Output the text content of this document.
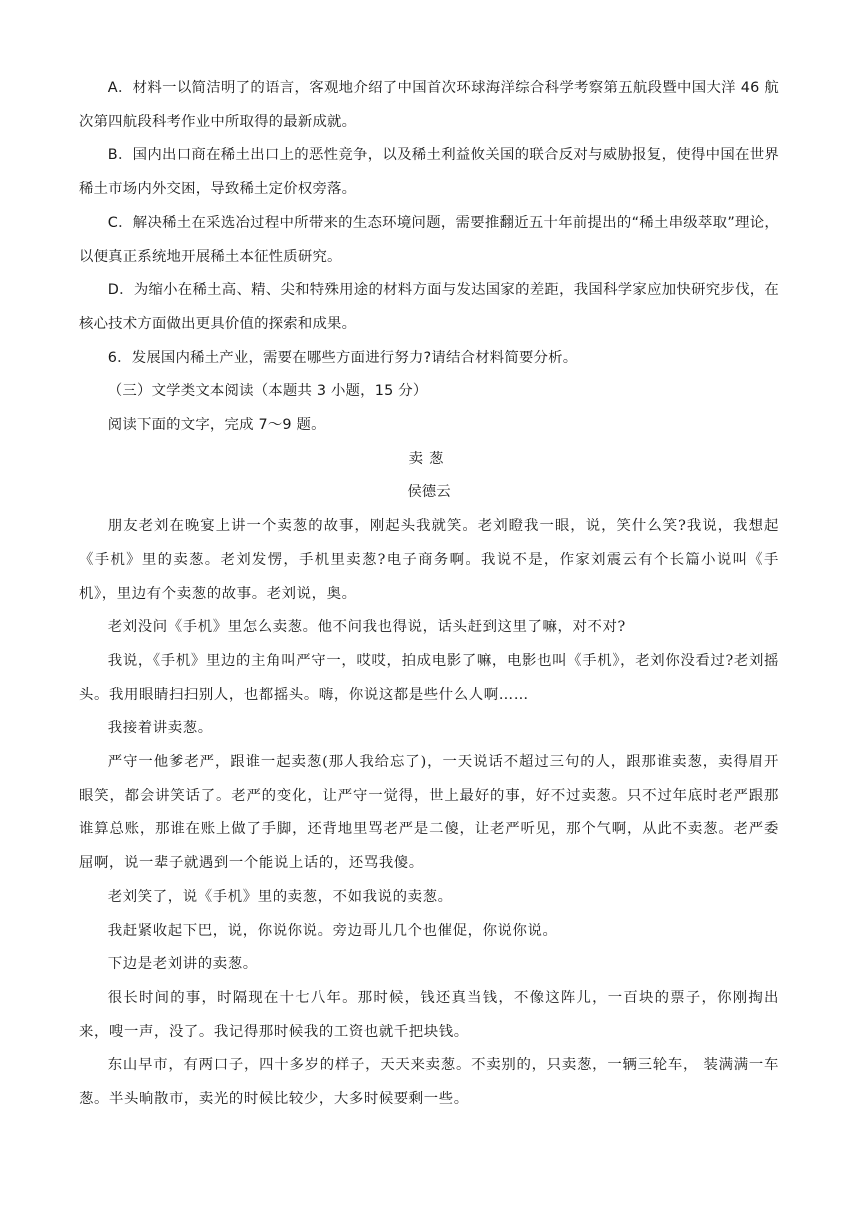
A．材料一以简洁明了的语言，客观地介绍了中国首次环球海洋综合科学考察第五航段暨中国大洋 46 航次第四航段科考作业中所取得的最新成就。

B．国内出口商在稀土出口上的恶性竞争，以及稀土利益攸关国的联合反对与威胁报复，使得中国在世界稀土市场内外交困，导致稀土定价权旁落。

C．解决稀土在采选冶过程中所带来的生态环境问题，需要推翻近五十年前提出的“稀土串级萃取”理论，以便真正系统地开展稀土本征性质研究。

D．为缩小在稀土高、精、尖和特殊用途的材料方面与发达国家的差距，我国科学家应加快研究步伐，在核心技术方面做出更具价值的探索和成果。

6．发展国内稀土产业，需要在哪些方面进行努力?请结合材料简要分析。

（三）文学类文本阅读（本题共 3 小题，15 分）

阅读下面的文字，完成 7～9 题。

卖葱

侯德云

朋友老刘在晚宴上讲一个卖葱的故事，刚起头我就笑。老刘瞪我一眼，说，笑什么笑?我说，我想起《手机》里的卖葱。老刘发愣，手机里卖葱?电子商务啊。我说不是，作家刘震云有个长篇小说叫《手机》，里边有个卖葱的故事。老刘说，奥。

老刘没问《手机》里怎么卖葱。他不问我也得说，话头赶到这里了嘛，对不对?

我说，《手机》里边的主角叫严守一，哎哎，拍成电影了嘛，电影也叫《手机》，老刘你没看过?老刘摇头。我用眼睛扫扫别人，也都摇头。嗨，你说这都是些什么人啊……

我接着讲卖葱。

严守一他爹老严，跟谁一起卖葱(那人我给忘了)，一天说话不超过三句的人，跟那谁卖葱，卖得眉开眼笑，都会讲笑话了。老严的变化，让严守一觉得，世上最好的事，好不过卖葱。只不过年底时老严跟那谁算总账，那谁在账上做了手脚，还背地里骂老严是二傻，让老严听见，那个气啊，从此不卖葱。老严委屈啊，说一辈子就遇到一个能说上话的，还骂我傻。

老刘笑了，说《手机》里的卖葱，不如我说的卖葱。

我赶紧收起下巴，说，你说你说。旁边哥儿几个也催促，你说你说。

下边是老刘讲的卖葱。

很长时间的事，时隔现在十七八年。那时候，钱还真当钱，不像这阵儿，一百块的票子，你刚掏出来，嗖一声，没了。我记得那时候我的工资也就千把块钱。

东山早市，有两口子，四十多岁的样子，天天来卖葱。不卖别的，只卖葱，一辆三轮车， 装满满一车葱。半头晌散市，卖光的时候比较少，大多时候要剩一些。
